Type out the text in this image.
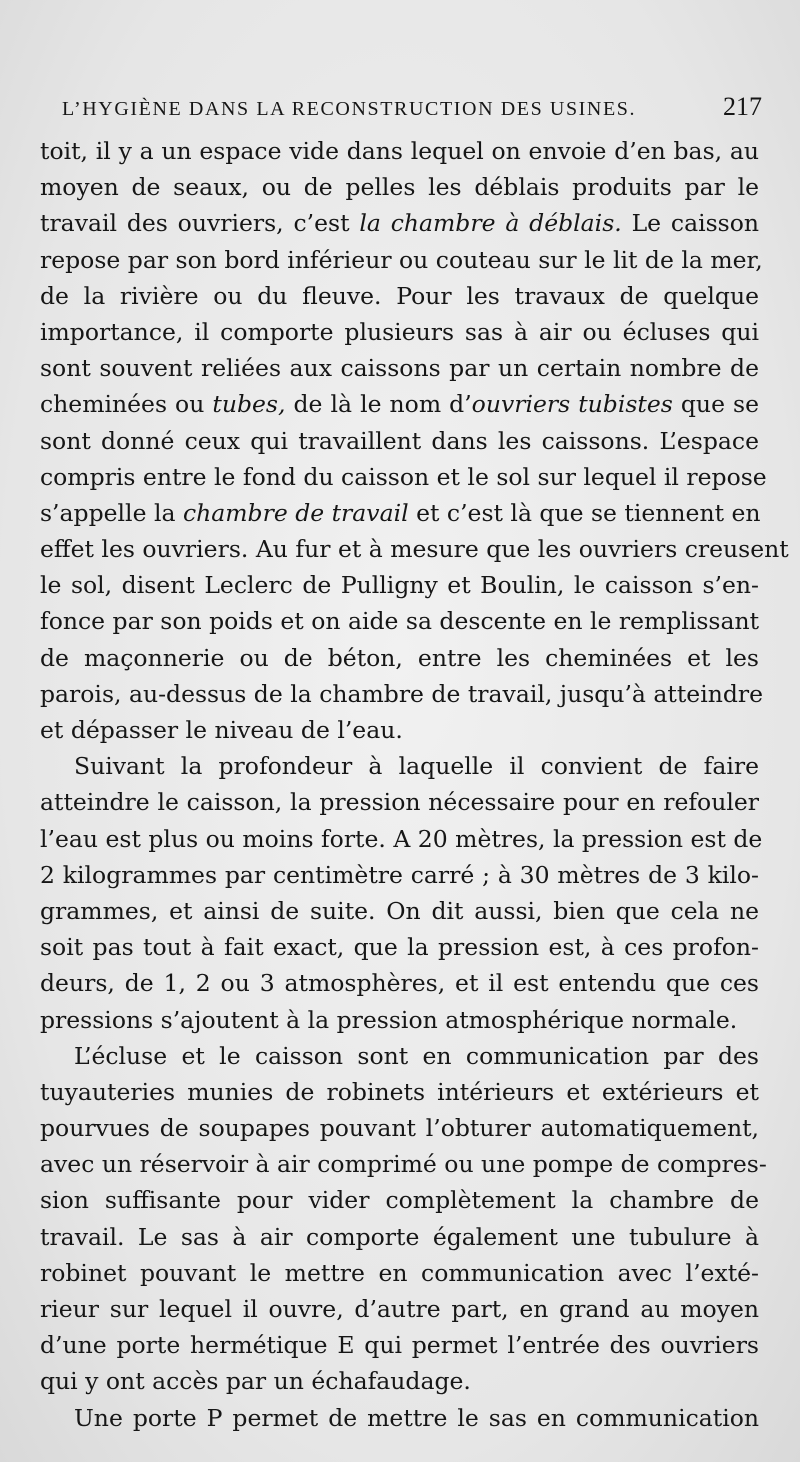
L’HYGIÈNE DANS LA RECONSTRUCTION DES USINES.	217
toit, il y a un espace vide dans lequel on envoie d’en bas, au
moyen de seaux, ou de pelles les déblais produits par le
travail des ouvriers, c’est la chambre à déblais. Le caisson
repose par son bord inférieur ou couteau sur le lit de la mer,
de la rivière ou du fleuve. Pour les travaux de quelque
importance, il comporte plusieurs sas à air ou écluses qui
sont souvent reliées aux caissons par un certain nombre de
cheminées ou tubes, de là le nom d’ouvriers tubistes que se
sont donné ceux qui travaillent dans les caissons. L’espace
compris entre le fond du caisson et le sol sur lequel il repose
s’appelle la chambre de travail et c’est là que se tiennent en
effet les ouvriers. Au fur et à mesure que les ouvriers creusent
le sol, disent Leclerc de Pulligny et Boulin, le caisson s’en-
fonce par son poids et on aide sa descente en le remplissant
de maçonnerie ou de béton, entre les cheminées et les
parois, au-dessus de la chambre de travail, jusqu’à atteindre
et dépasser le niveau de l’eau.
Suivant la profondeur à laquelle il convient de faire
atteindre le caisson, la pression nécessaire pour en refouler
l’eau est plus ou moins forte. A 20 mètres, la pression est de
2 kilogrammes par centimètre carré ; à 30 mètres de 3 kilo-
grammes, et ainsi de suite. On dit aussi, bien que cela ne
soit pas tout à fait exact, que la pression est, à ces profon-
deurs, de 1, 2 ou 3 atmosphères, et il est entendu que ces
pressions s’ajoutent à la pression atmosphérique normale.
L’écluse et le caisson sont en communication par des
tuyauteries munies de robinets intérieurs et extérieurs et
pourvues de soupapes pouvant l’obturer automatiquement,
avec un réservoir à air comprimé ou une pompe de compres-
sion suffisante pour vider complètement la chambre de
travail. Le sas à air comporte également une tubulure à
robinet pouvant le mettre en communication avec l’exté-
rieur sur lequel il ouvre, d’autre part, en grand au moyen
d’une porte hermétique E qui permet l’entrée des ouvriers
qui y ont accès par un échafaudage.
Une porte P permet de mettre le sas en communication
